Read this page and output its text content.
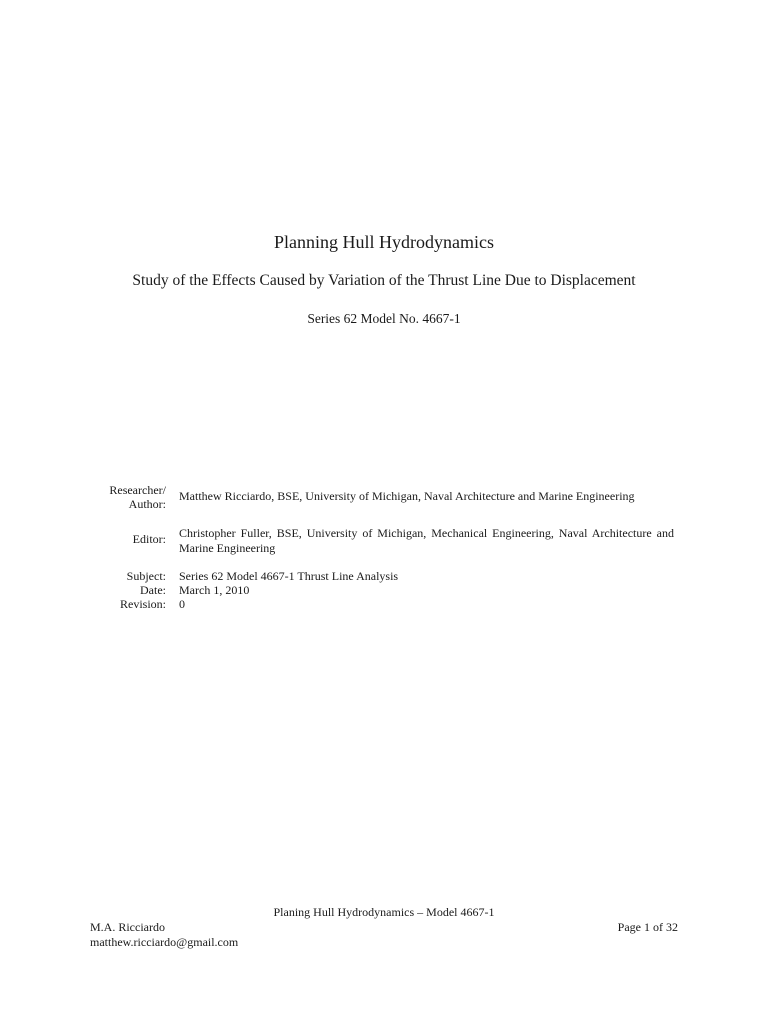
Planning Hull Hydrodynamics
Study of the Effects Caused by Variation of the Thrust Line Due to Displacement
Series 62 Model No. 4667-1
Researcher/
Author:
Matthew Ricciardo, BSE, University of Michigan, Naval Architecture and Marine Engineering
Editor: Christopher Fuller, BSE, University of Michigan, Mechanical Engineering, Naval Architecture and Marine Engineering
Subject: Series 62 Model 4667-1 Thrust Line Analysis
Date: March 1, 2010
Revision: 0
Planing Hull Hydrodynamics – Model 4667-1
M.A. Ricciardo
matthew.ricciardo@gmail.com
Page 1 of 32
